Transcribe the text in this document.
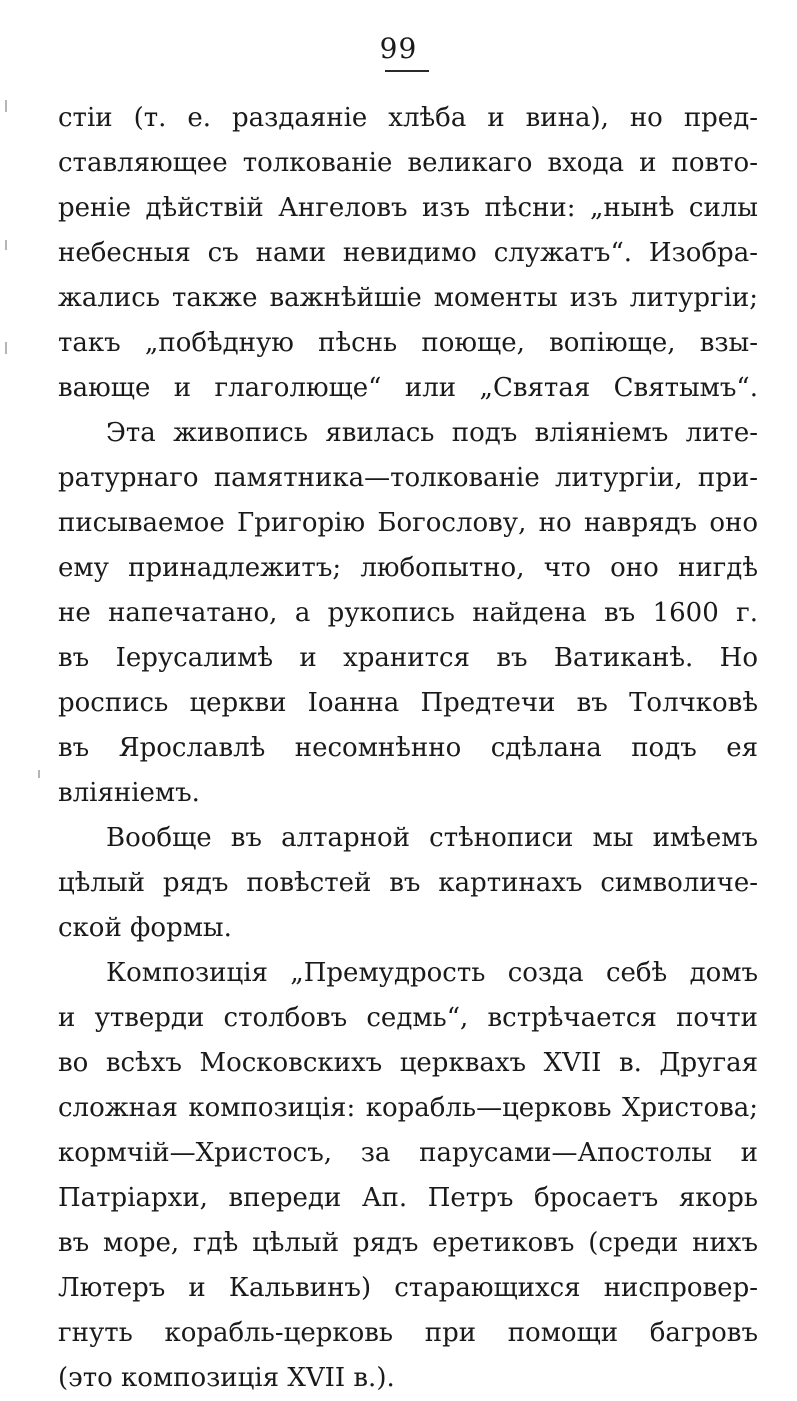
99
стіи (т. е. раздаяніе хлѣба и вина), но пред-
ставляющее толкованіе великаго входа и повто-
реніе дѣйствій Ангеловъ изъ пѣсни: „нынѣ силы
небесныя съ нами невидимо служатъ“. Изобра-
жались также важнѣйшіе моменты изъ литургіи;
такъ „побѣдную пѣснь поюще, вопіюще, взы-
вающе и глаголюще“ или „Святая Святымъ“.
Эта живопись явилась подъ вліяніемъ лите-
ратурнаго памятника—толкованіе литургіи, при-
писываемое Григорію Богослову, но наврядъ оно
ему принадлежитъ; любопытно, что оно нигдѣ
не напечатано, а рукопись найдена въ 1600 г.
въ Іерусалимѣ и хранится въ Ватиканѣ. Но
роспись церкви Іоанна Предтечи въ Толчковѣ
въ Ярославлѣ несомнѣнно сдѣлана подъ ея
вліяніемъ.
Вообще въ алтарной стѣнописи мы имѣемъ
цѣлый рядъ повѣстей въ картинахъ символиче-
ской формы.
Композиція „Премудрость созда себѣ домъ
и утверди столбовъ седмь“, встрѣчается почти
во всѣхъ Московскихъ церквахъ XVII в. Другая
сложная композиція: корабль—церковь Христова;
кормчій—Христосъ, за парусами—Апостолы и
Патріархи, впереди Ап. Петръ бросаетъ якорь
въ море, гдѣ цѣлый рядъ еретиковъ (среди нихъ
Лютеръ и Кальвинъ) старающихся ниспровер-
гнуть корабль-церковь при помощи багровъ
(это композиція XVII в.).
